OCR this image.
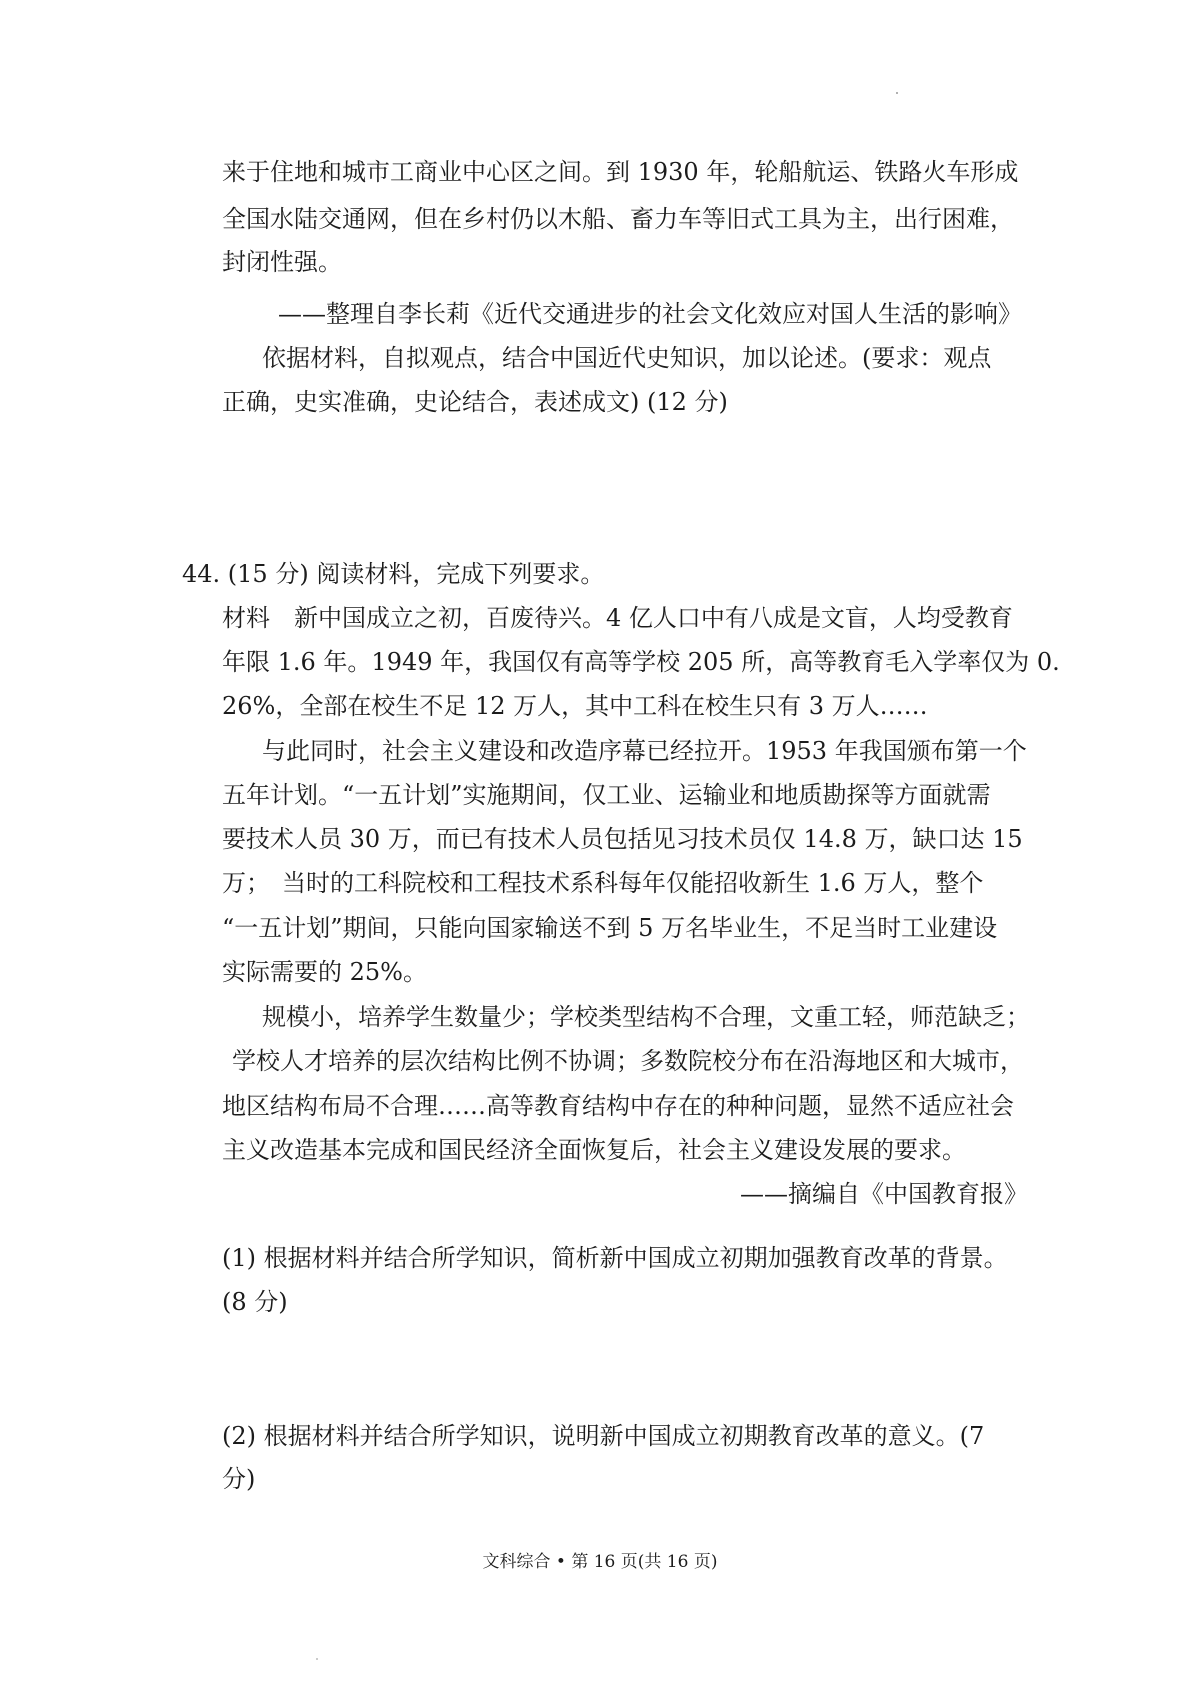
来于住地和城市工商业中心区之间。到 1930 年，轮船航运、铁路火车形成
全国水陆交通网，但在乡村仍以木船、畜力车等旧式工具为主，出行困难，
封闭性强。
——整理自李长莉《近代交通进步的社会文化效应对国人生活的影响》
依据材料，自拟观点，结合中国近代史知识，加以论述。(要求：观点
正确，史实准确，史论结合，表述成文) (12 分)
44. (15 分) 阅读材料，完成下列要求。
材料　新中国成立之初，百废待兴。4 亿人口中有八成是文盲，人均受教育
年限 1.6 年。1949 年，我国仅有高等学校 205 所，高等教育毛入学率仅为 0.
26%，全部在校生不足 12 万人，其中工科在校生只有 3 万人……
与此同时，社会主义建设和改造序幕已经拉开。1953 年我国颁布第一个
五年计划。“一五计划”实施期间，仅工业、运输业和地质勘探等方面就需
要技术人员 30 万，而已有技术人员包括见习技术员仅 14.8 万，缺口达 15
万；　当时的工科院校和工程技术系科每年仅能招收新生 1.6 万人，整个
“一五计划”期间，只能向国家输送不到 5 万名毕业生，不足当时工业建设
实际需要的 25%。
规模小，培养学生数量少；学校类型结构不合理，文重工轻，师范缺乏；
学校人才培养的层次结构比例不协调；多数院校分布在沿海地区和大城市，
地区结构布局不合理……高等教育结构中存在的种种问题，显然不适应社会
主义改造基本完成和国民经济全面恢复后，社会主义建设发展的要求。
——摘编自《中国教育报》
(1) 根据材料并结合所学知识，简析新中国成立初期加强教育改革的背景。
(8 分)
(2) 根据材料并结合所学知识，说明新中国成立初期教育改革的意义。(7
分)
文科综合 • 第 16 页(共 16 页)
